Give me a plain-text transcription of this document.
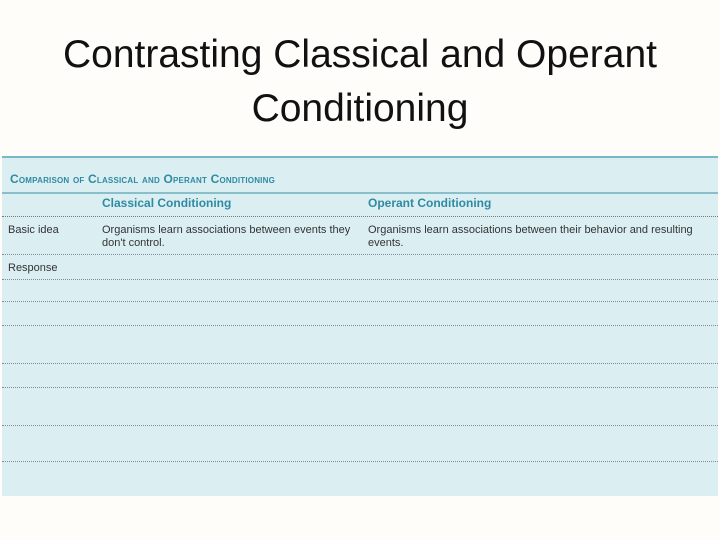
Contrasting Classical and Operant
Conditioning
Comparison of Classical and Operant Conditioning
Classical Conditioning	Operant Conditioning
Basic idea	Organisms learn associations between events they don't control.
Organisms learn associations between their behavior and resulting events.
Response
